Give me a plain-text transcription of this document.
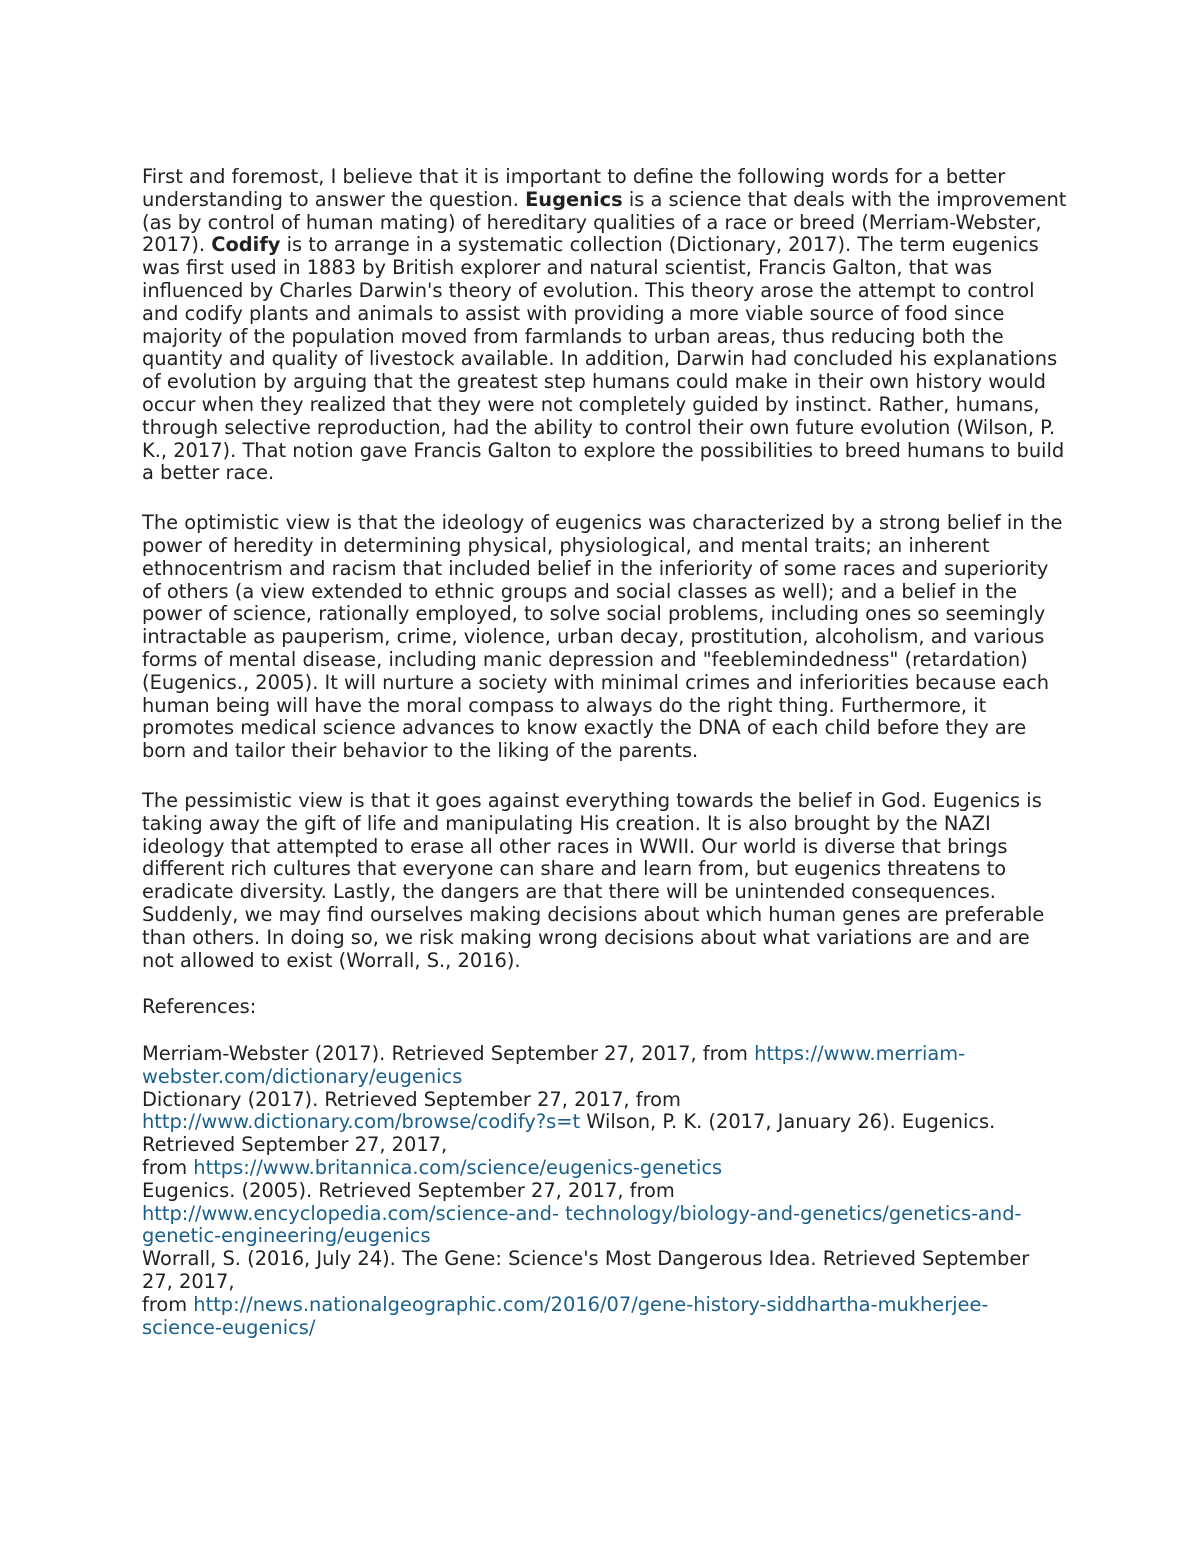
First and foremost, I believe that it is important to define the following words for a better understanding to answer the question. Eugenics is a science that deals with the improvement (as by control of human mating) of hereditary qualities of a race or breed (Merriam-Webster,
2017). Codify is to arrange in a systematic collection (Dictionary, 2017). The term eugenics was first used in 1883 by British explorer and natural scientist, Francis Galton, that was influenced by Charles Darwin's theory of evolution. This theory arose the attempt to control and codify plants and animals to assist with providing a more viable source of food since majority of the population moved from farmlands to urban areas, thus reducing both the quantity and quality of livestock available. In addition, Darwin had concluded his explanations of evolution by arguing that the greatest step humans could make in their own history would occur when they realized that they were not completely guided by instinct. Rather, humans, through selective reproduction, had the ability to control their own future evolution (Wilson, P. K., 2017). That notion gave Francis Galton to explore the possibilities to breed humans to build a better race.

The optimistic view is that the ideology of eugenics was characterized by a strong belief in the power of heredity in determining physical, physiological, and mental traits; an inherent ethnocentrism and racism that included belief in the inferiority of some races and superiority of others (a view extended to ethnic groups and social classes as well); and a belief in the power of science, rationally employed, to solve social problems, including ones so seemingly intractable as pauperism, crime, violence, urban decay, prostitution, alcoholism, and various forms of mental disease, including manic depression and "feeblemindedness" (retardation) (Eugenics., 2005). It will nurture a society with minimal crimes and inferiorities because each human being will have the moral compass to always do the right thing. Furthermore, it promotes medical science advances to know exactly the DNA of each child before they are born and tailor their behavior to the liking of the parents.

The pessimistic view is that it goes against everything towards the belief in God. Eugenics is taking away the gift of life and manipulating His creation. It is also brought by the NAZI ideology that attempted to erase all other races in WWII. Our world is diverse that brings different rich cultures that everyone can share and learn from, but eugenics threatens to eradicate diversity. Lastly, the dangers are that there will be unintended consequences. Suddenly, we may find ourselves making decisions about which human genes are preferable than others. In doing so, we risk making wrong decisions about what variations are and are not allowed to exist (Worrall, S., 2016).

References:

Merriam-Webster (2017). Retrieved September 27, 2017, from https://www.merriam-
webster.com/dictionary/eugenics
Dictionary (2017). Retrieved September 27, 2017, from
http://www.dictionary.com/browse/codify?s=t Wilson, P. K. (2017, January 26). Eugenics.
Retrieved September 27, 2017,
from https://www.britannica.com/science/eugenics-genetics
Eugenics. (2005). Retrieved September 27, 2017, from
http://www.encyclopedia.com/science-and- technology/biology-and-genetics/genetics-and-
genetic-engineering/eugenics
Worrall, S. (2016, July 24). The Gene: Science's Most Dangerous Idea. Retrieved September
27, 2017,
from http://news.nationalgeographic.com/2016/07/gene-history-siddhartha-mukherjee-
science-eugenics/
